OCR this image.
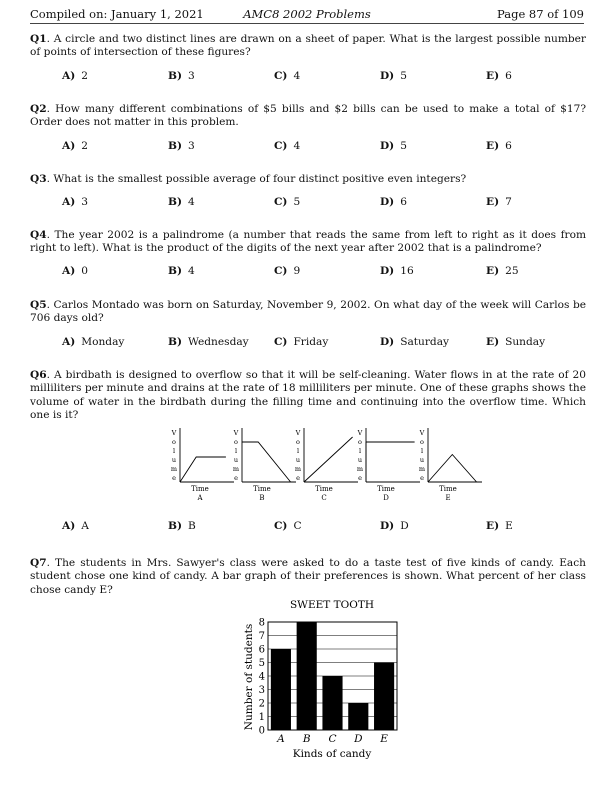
Compiled on: January 1, 2021	AMC8 2002 Problems	Page 87 of 109
Q1. A circle and two distinct lines are drawn on a sheet of paper. What is the largest possible number of points of intersection of these figures?
A) 2	B) 3	C) 4	D) 5	E) 6
Q2. How many different combinations of $5 bills and $2 bills can be used to make a total of $17? Order does not matter in this problem.
A) 2	B) 3	C) 4	D) 5	E) 6
Q3. What is the smallest possible average of four distinct positive even integers?
A) 3	B) 4	C) 5	D) 6	E) 7
Q4. The year 2002 is a palindrome (a number that reads the same from left to right as it does from right to left). What is the product of the digits of the next year after 2002 that is a palindrome?
A) 0	B) 4	C) 9	D) 16	E) 25
Q5. Carlos Montado was born on Saturday, November 9, 2002. On what day of the week will Carlos be 706 days old?
A) Monday	B) Wednesday C) Friday	D) Saturday	E) Sunday
Q6. A birdbath is designed to overflow so that it will be self-cleaning. Water flows in at the rate of 20 milliliters per minute and drains at the rate of 18 milliliters per minute. One of these graphs shows the volume of water in the birdbath during the filling time and continuing into the overflow time. Which one is it?
V
o
l
u
m
e
Time
A
V
o
l
u
m
e
Time
B
V
o
l
u
m
e
Time
C
V
o
l
u
m
e
Time
D
V
o
l
u
m
e
Time
E
A) A	B) B	C) C	D) D	E) E
Q7. The students in Mrs. Sawyer's class were asked to do a taste test of five kinds of candy. Each student chose one kind of candy. A bar graph of their preferences is shown. What percent of her class chose candy E?
SWEET TOOTH
0
1
2
3
4
5
6
7
8
A B C D E
Kinds of candy
Number of students
